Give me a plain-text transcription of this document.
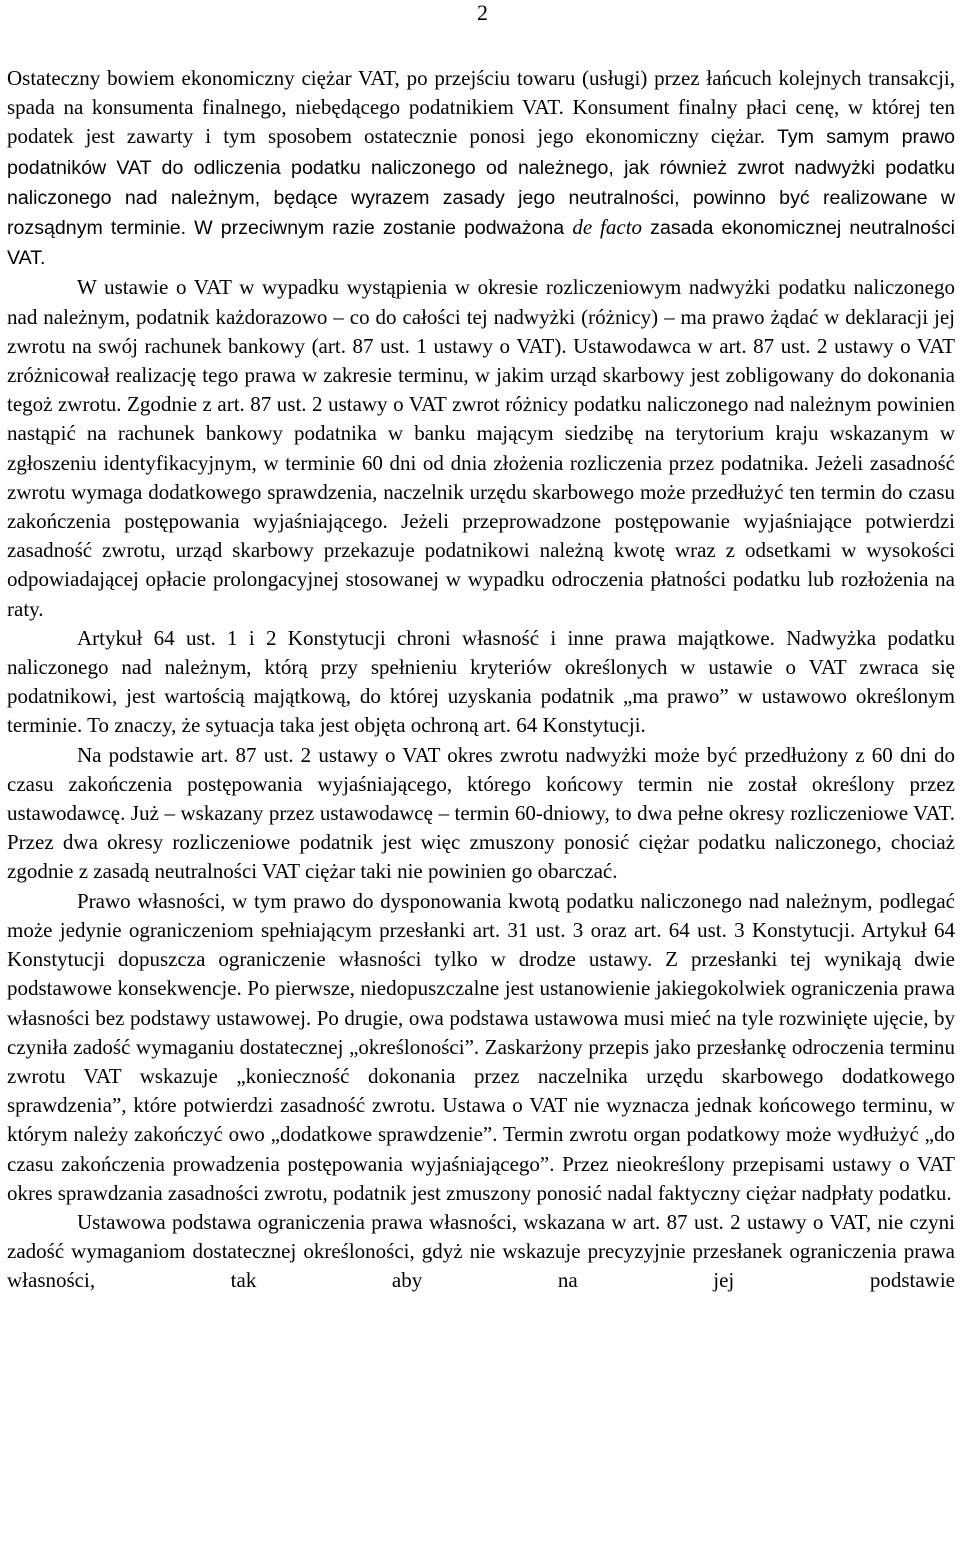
2

Ostateczny bowiem ekonomiczny ciężar VAT, po przejściu towaru (usługi) przez łańcuch kolejnych transakcji, spada na konsumenta finalnego, niebędącego podatnikiem VAT. Konsument finalny płaci cenę, w której ten podatek jest zawarty i tym sposobem ostatecznie ponosi jego ekonomiczny ciężar. Tym samym prawo podatników VAT do odliczenia podatku naliczonego od należnego, jak również zwrot nadwyżki podatku naliczonego nad należnym, będące wyrazem zasady jego neutralności, powinno być realizowane w rozsądnym terminie. W przeciwnym razie zostanie podważona de facto zasada ekonomicznej neutralności VAT.

W ustawie o VAT w wypadku wystąpienia w okresie rozliczeniowym nadwyżki podatku naliczonego nad należnym, podatnik każdorazowo – co do całości tej nadwyżki (różnicy) – ma prawo żądać w deklaracji jej zwrotu na swój rachunek bankowy (art. 87 ust. 1 ustawy o VAT). Ustawodawca w art. 87 ust. 2 ustawy o VAT zróżnicował realizację tego prawa w zakresie terminu, w jakim urząd skarbowy jest zobligowany do dokonania tegoż zwrotu. Zgodnie z art. 87 ust. 2 ustawy o VAT zwrot różnicy podatku naliczonego nad należnym powinien nastąpić na rachunek bankowy podatnika w banku mającym siedzibę na terytorium kraju wskazanym w zgłoszeniu identyfikacyjnym, w terminie 60 dni od dnia złożenia rozliczenia przez podatnika. Jeżeli zasadność zwrotu wymaga dodatkowego sprawdzenia, naczelnik urzędu skarbowego może przedłużyć ten termin do czasu zakończenia postępowania wyjaśniającego. Jeżeli przeprowadzone postępowanie wyjaśniające potwierdzi zasadność zwrotu, urząd skarbowy przekazuje podatnikowi należną kwotę wraz z odsetkami w wysokości odpowiadającej opłacie prolongacyjnej stosowanej w wypadku odroczenia płatności podatku lub rozłożenia na raty.

Artykuł 64 ust. 1 i 2 Konstytucji chroni własność i inne prawa majątkowe. Nadwyżka podatku naliczonego nad należnym, którą przy spełnieniu kryteriów określonych w ustawie o VAT zwraca się podatnikowi, jest wartością majątkową, do której uzyskania podatnik „ma prawo” w ustawowo określonym terminie. To znaczy, że sytuacja taka jest objęta ochroną art. 64 Konstytucji.

Na podstawie art. 87 ust. 2 ustawy o VAT okres zwrotu nadwyżki może być przedłużony z 60 dni do czasu zakończenia postępowania wyjaśniającego, którego końcowy termin nie został określony przez ustawodawcę. Już – wskazany przez ustawodawcę – termin 60-dniowy, to dwa pełne okresy rozliczeniowe VAT. Przez dwa okresy rozliczeniowe podatnik jest więc zmuszony ponosić ciężar podatku naliczonego, chociaż zgodnie z zasadą neutralności VAT ciężar taki nie powinien go obarczać.

Prawo własności, w tym prawo do dysponowania kwotą podatku naliczonego nad należnym, podlegać może jedynie ograniczeniom spełniającym przesłanki art. 31 ust. 3 oraz art. 64 ust. 3 Konstytucji. Artykuł 64 Konstytucji dopuszcza ograniczenie własności tylko w drodze ustawy. Z przesłanki tej wynikają dwie podstawowe konsekwencje. Po pierwsze, niedopuszczalne jest ustanowienie jakiegokolwiek ograniczenia prawa własności bez podstawy ustawowej. Po drugie, owa podstawa ustawowa musi mieć na tyle rozwinięte ujęcie, by czyniła zadość wymaganiu dostatecznej „określoności”. Zaskarżony przepis jako przesłankę odroczenia terminu zwrotu VAT wskazuje „konieczność dokonania przez naczelnika urzędu skarbowego dodatkowego sprawdzenia”, które potwierdzi zasadność zwrotu. Ustawa o VAT nie wyznacza jednak końcowego terminu, w którym należy zakończyć owo „dodatkowe sprawdzenie”. Termin zwrotu organ podatkowy może wydłużyć „do czasu zakończenia prowadzenia postępowania wyjaśniającego”. Przez nieokreślony przepisami ustawy o VAT okres sprawdzania zasadności zwrotu, podatnik jest zmuszony ponosić nadal faktyczny ciężar nadpłaty podatku.

Ustawowa podstawa ograniczenia prawa własności, wskazana w art. 87 ust. 2 ustawy o VAT, nie czyni zadość wymaganiom dostatecznej określoności, gdyż nie wskazuje precyzyjnie przesłanek ograniczenia prawa własności, tak aby na jej podstawie
